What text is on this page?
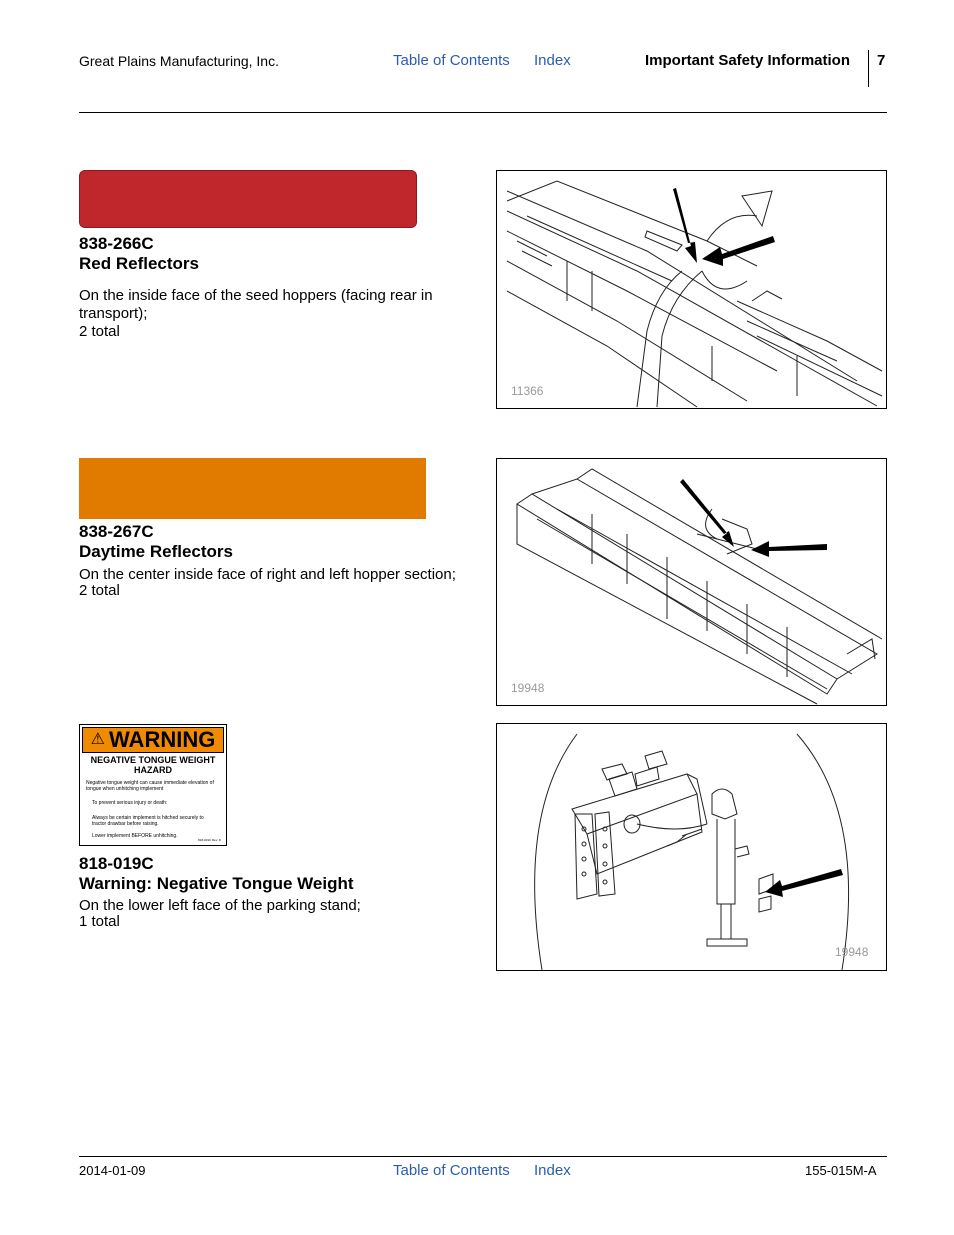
Great Plains Manufacturing, Inc.	Table of Contents Index	Important Safety Information 7
838-266C
Red Reflectors
On the inside face of the seed hoppers (facing rear in transport);
2 total
11366
838-267C
Daytime Reflectors
On the center inside face of right and left hopper section;
2 total
19948
⚠ WARNING
NEGATIVE TONGUE WEIGHT HAZARD
Negative tongue weight can cause immediate elevation of tongue when unhitching implement
To prevent serious injury or death:
Always be certain implement is hitched securely to tractor drawbar before raising.
Lower implement BEFORE unhitching.
818-019C Rev. D
818-019C
Warning: Negative Tongue Weight
On the lower left face of the parking stand;
1 total
19948
2014-01-09	Table of Contents Index	155-015M-A
